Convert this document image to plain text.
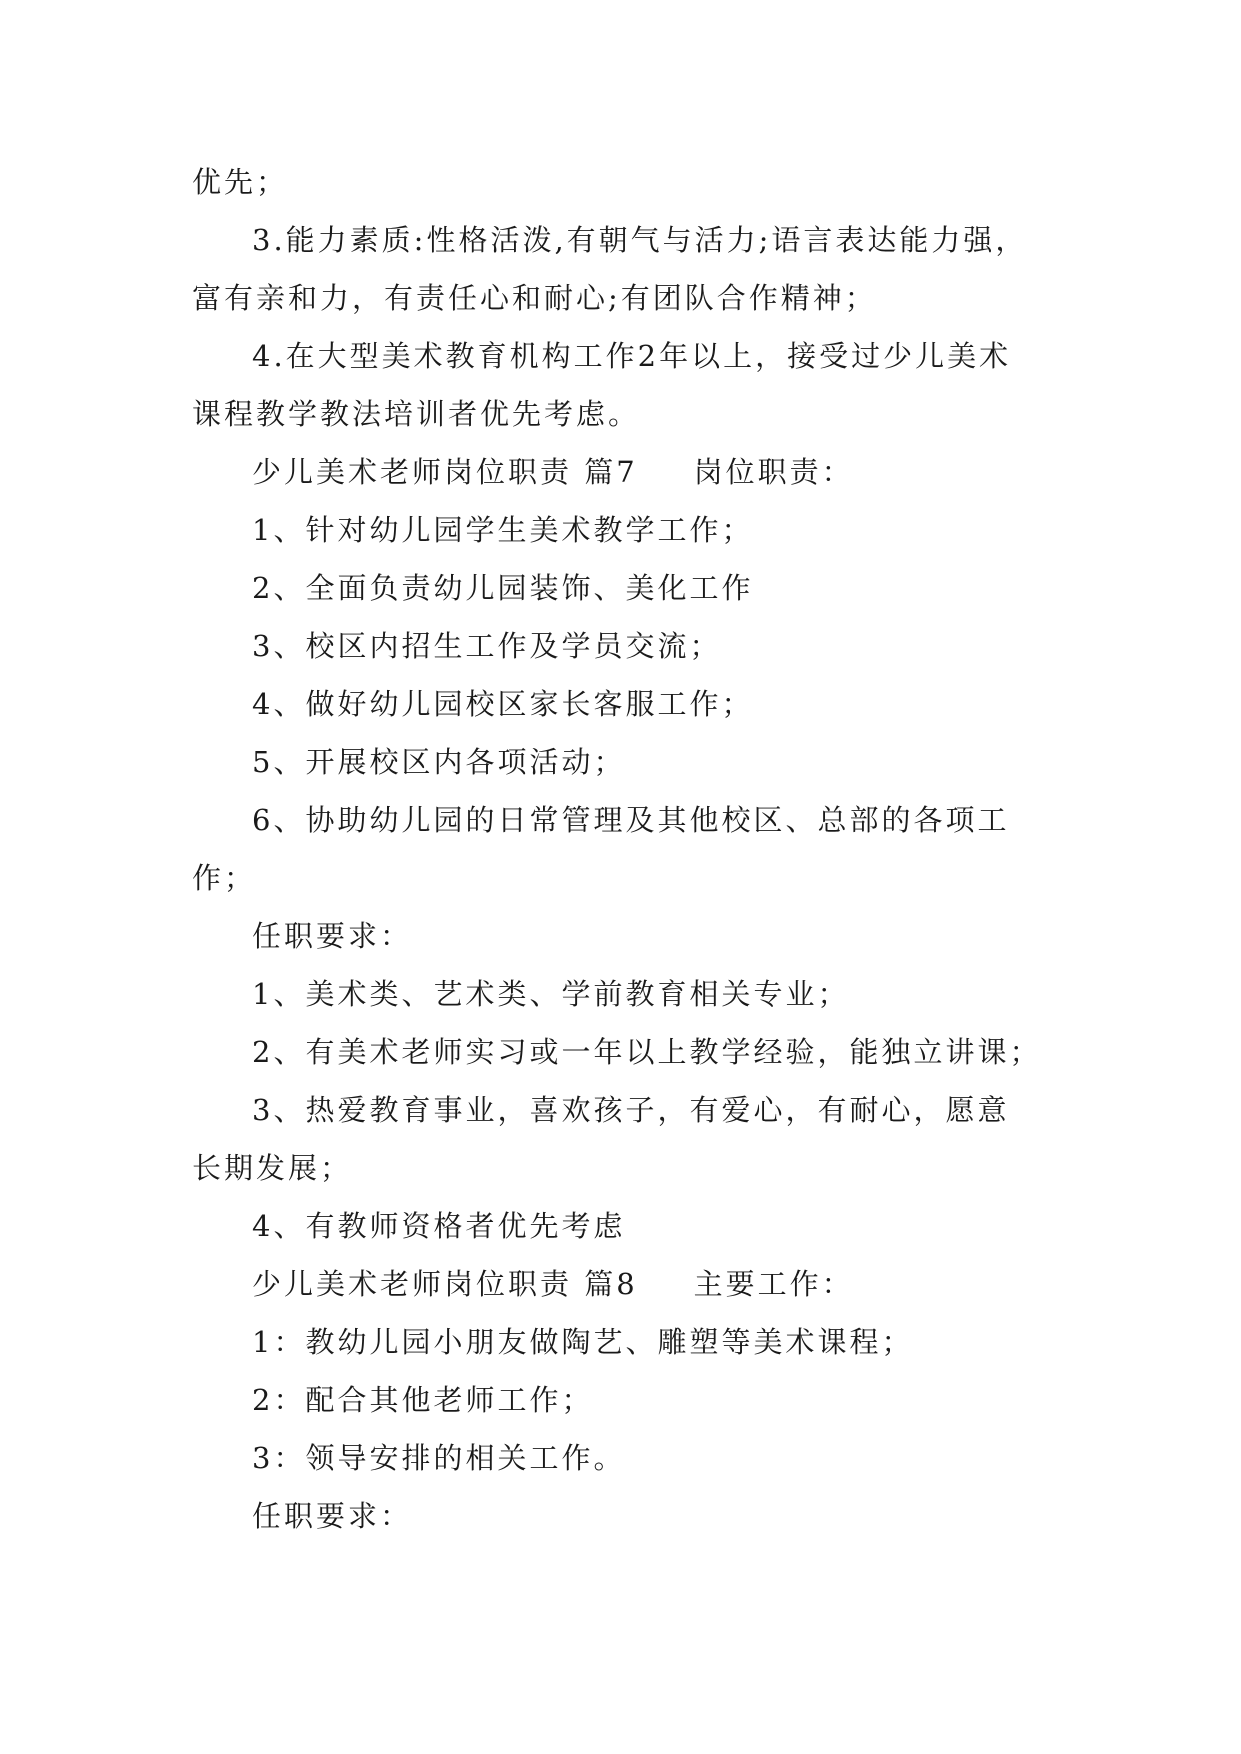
优先；
3.能力素质:性格活泼,有朝气与活力;语言表达能力强，
富有亲和力，有责任心和耐心;有团队合作精神；
4.在大型美术教育机构工作2年以上，接受过少儿美术
课程教学教法培训者优先考虑。
少儿美术老师岗位职责 篇7 岗位职责：
1、针对幼儿园学生美术教学工作；
2、全面负责幼儿园装饰、美化工作
3、校区内招生工作及学员交流；
4、做好幼儿园校区家长客服工作；
5、开展校区内各项活动；
6、协助幼儿园的日常管理及其他校区、总部的各项工
作；
任职要求：
1、美术类、艺术类、学前教育相关专业；
2、有美术老师实习或一年以上教学经验，能独立讲课；
3、热爱教育事业，喜欢孩子，有爱心，有耐心，愿意
长期发展；
4、有教师资格者优先考虑
少儿美术老师岗位职责 篇8 主要工作：
1：教幼儿园小朋友做陶艺、雕塑等美术课程；
2：配合其他老师工作；
3：领导安排的相关工作。
任职要求：
